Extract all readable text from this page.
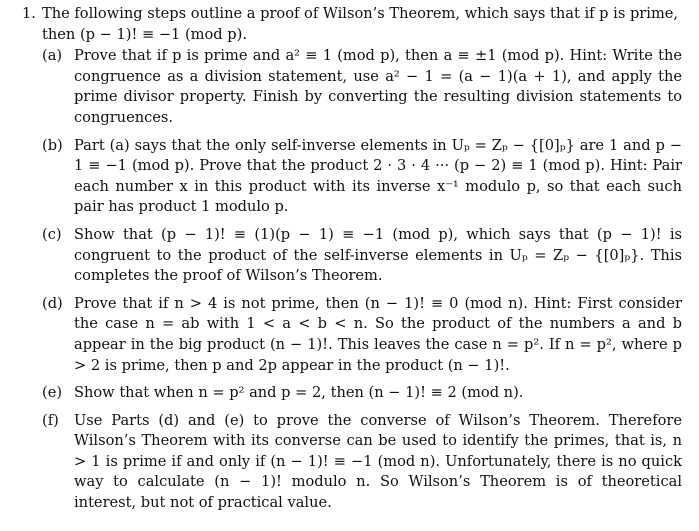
1. The following steps outline a proof of Wilson’s Theorem, which says that if p is prime, then (p − 1)! ≡ −1 (mod p).
(a) Prove that if p is prime and a² ≡ 1 (mod p), then a ≡ ±1 (mod p). Hint: Write the congruence as a division statement, use a² − 1 = (a − 1)(a + 1), and apply the prime divisor property. Finish by converting the resulting division statements to congruences.
(b) Part (a) says that the only self-inverse elements in Uₚ = Zₚ − {[0]ₚ} are 1 and p − 1 ≡ −1 (mod p). Prove that the product 2 · 3 · 4 ··· (p − 2) ≡ 1 (mod p). Hint: Pair each number x in this product with its inverse x⁻¹ modulo p, so that each such pair has product 1 modulo p.
(c) Show that (p − 1)! ≡ (1)(p − 1) ≡ −1 (mod p), which says that (p − 1)! is congruent to the product of the self-inverse elements in Uₚ = Zₚ − {[0]ₚ}. This completes the proof of Wilson’s Theorem.
(d) Prove that if n > 4 is not prime, then (n − 1)! ≡ 0 (mod n). Hint: First consider the case n = ab with 1 < a < b < n. So the product of the numbers a and b appear in the big product (n − 1)!. This leaves the case n = p². If n = p², where p > 2 is prime, then p and 2p appear in the product (n − 1)!.
(e) Show that when n = p² and p = 2, then (n − 1)! ≡ 2 (mod n).
(f) Use Parts (d) and (e) to prove the converse of Wilson’s Theorem. Therefore Wilson’s Theorem with its converse can be used to identify the primes, that is, n > 1 is prime if and only if (n − 1)! ≡ −1 (mod n). Unfortunately, there is no quick way to calculate (n − 1)! modulo n. So Wilson’s Theorem is of theoretical interest, but not of practical value.
